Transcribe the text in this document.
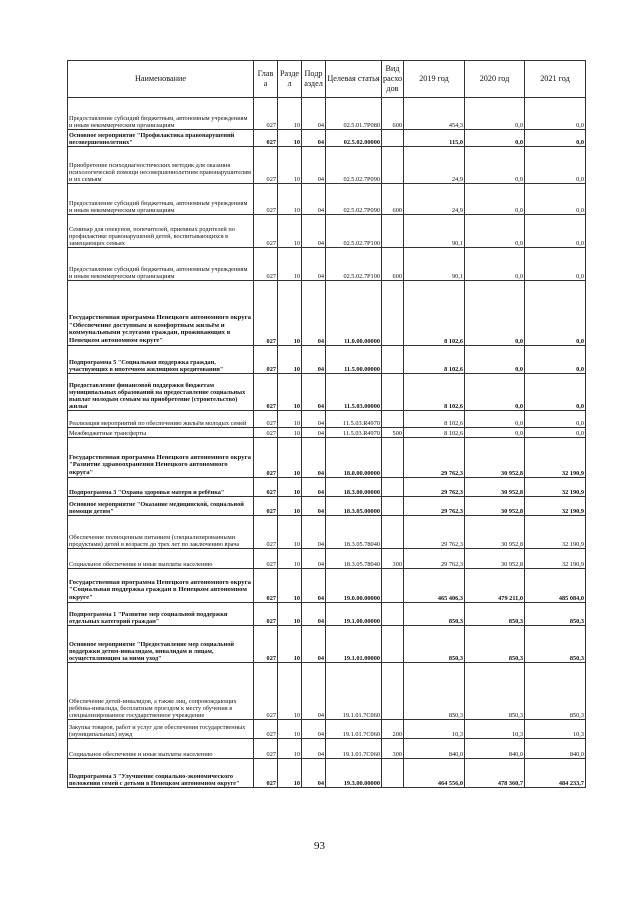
Наименование	Глав а	Разде л	Подр аздел	Целевая статья	Вид расхо дов	2019 год	2020 год	2021 год
Предоставление субсидий бюджетным, автономным учреждениям и иным некоммерческим организациям	027	10	04	02.5.01.7Р080	600	454,3	0,0	0,0
Основное мероприятие "Профилактика правонарушений несовершеннолетних"	027	10	04	02.5.02.00000		115,0	0,0	0,0
Приобретение психодиагностических методик для оказания психологической помощи несовершеннолетним правонарушителям и их семьям	027	10	04	02.5.02.7Р090		24,9	0,0	0,0
Предоставление субсидий бюджетным, автономным учреждениям и иным некоммерческим организациям	027	10	04	02.5.02.7Р090	600	24,9	0,0	0,0
Семинар для опекунов, попечителей, приемных родителей по профилактике правонарушений детей, воспитывающихся в замещающих семьях	027	10	04	02.5.02.7Р100		90,1	0,0	0,0
Предоставление субсидий бюджетным, автономным учреждениям и иным некоммерческим организациям	027	10	04	02.5.02.7Р100	600	90,1	0,0	0,0
Государственная программа Ненецкого автономного округа "Обеспечение доступным и комфортным жильём и коммунальными услугами граждан, проживающих в Ненецком автономном округе"	027	10	04	11.0.00.00000		8 102,6	0,0	0,0
Подпрограмма 5 "Социальная поддержка граждан, участвующих в ипотечном жилищном кредитовании"	027	10	04	11.5.00.00000		8 102,6	0,0	0,0
Предоставление финансовой поддержки бюджетам муниципальных образований на предоставление социальных выплат молодым семьям на приобретение (строительство) жилья	027	10	04	11.5.03.00000		8 102,6	0,0	0,0
Реализация мероприятий по обеспечению жильём молодых семей	027	10	04	11.5.03.R4970		8 102,6	0,0	0,0
Межбюджетные трансферты	027	10	04	11.5.03.R4970	500	8 102,6	0,0	0,0
Государственная программа Ненецкого автономного округа "Развитие здравоохранения Ненецкого автономного округа"	027	10	04	18.0.00.00000		29 762,3	30 952,8	32 190,9
Подпрограмма 3 "Охрана здоровья матери и ребёнка"	027	10	04	18.3.00.00000		29 762,3	30 952,8	32 190,9
Основное мероприятие "Оказание медицинской, социальной помощи детям"	027	10	04	18.3.05.00000		29 762,3	30 952,8	32 190,9
Обеспечение полноценным питанием (специализированными продуктами) детей в возрасте до трех лет по заключению врача	027	10	04	18.3.05.78040		29 762,3	30 952,8	32 190,9
Социальное обеспечение и иные выплаты населению	027	10	04	18.3.05.78040	300	29 762,3	30 952,8	32 190,9
Государственная программа Ненецкого автономного округа "Социальная поддержка граждан в Ненецком автономном округе"	027	10	04	19.0.00.00000		465 406,3	479 211,0	485 084,0
Подпрограмма 1 "Развитие мер социальной поддержки отдельных категорий граждан"	027	10	04	19.1.00.00000		850,3	850,3	850,3
Основное мероприятие "Предоставление мер социальной поддержки детям-инвалидам, инвалидам и лицам, осуществляющим за ними уход"	027	10	04	19.1.01.00000		850,3	850,3	850,3
Обеспечение детей-инвалидов, а также лиц, сопровождающих ребёнка-инвалида, бесплатным проездом к месту обучения в специализированное государственное учреждение	027	10	04	19.1.01.7С060		850,3	850,3	850,3
Закупка товаров, работ и услуг для обеспечения государственных (муниципальных) нужд	027	10	04	19.1.01.7С060	200	10,3	10,3	10,3
Социальное обеспечение и иные выплаты населению	027	10	04	19.1.01.7С060	300	840,0	840,0	840,0
Подпрограмма 3 "Улучшение социально-экономического положения семей с детьми в Ненецком автономном округе"	027	10	04	19.3.00.00000		464 556,0	478 360,7	484 233,7
93
